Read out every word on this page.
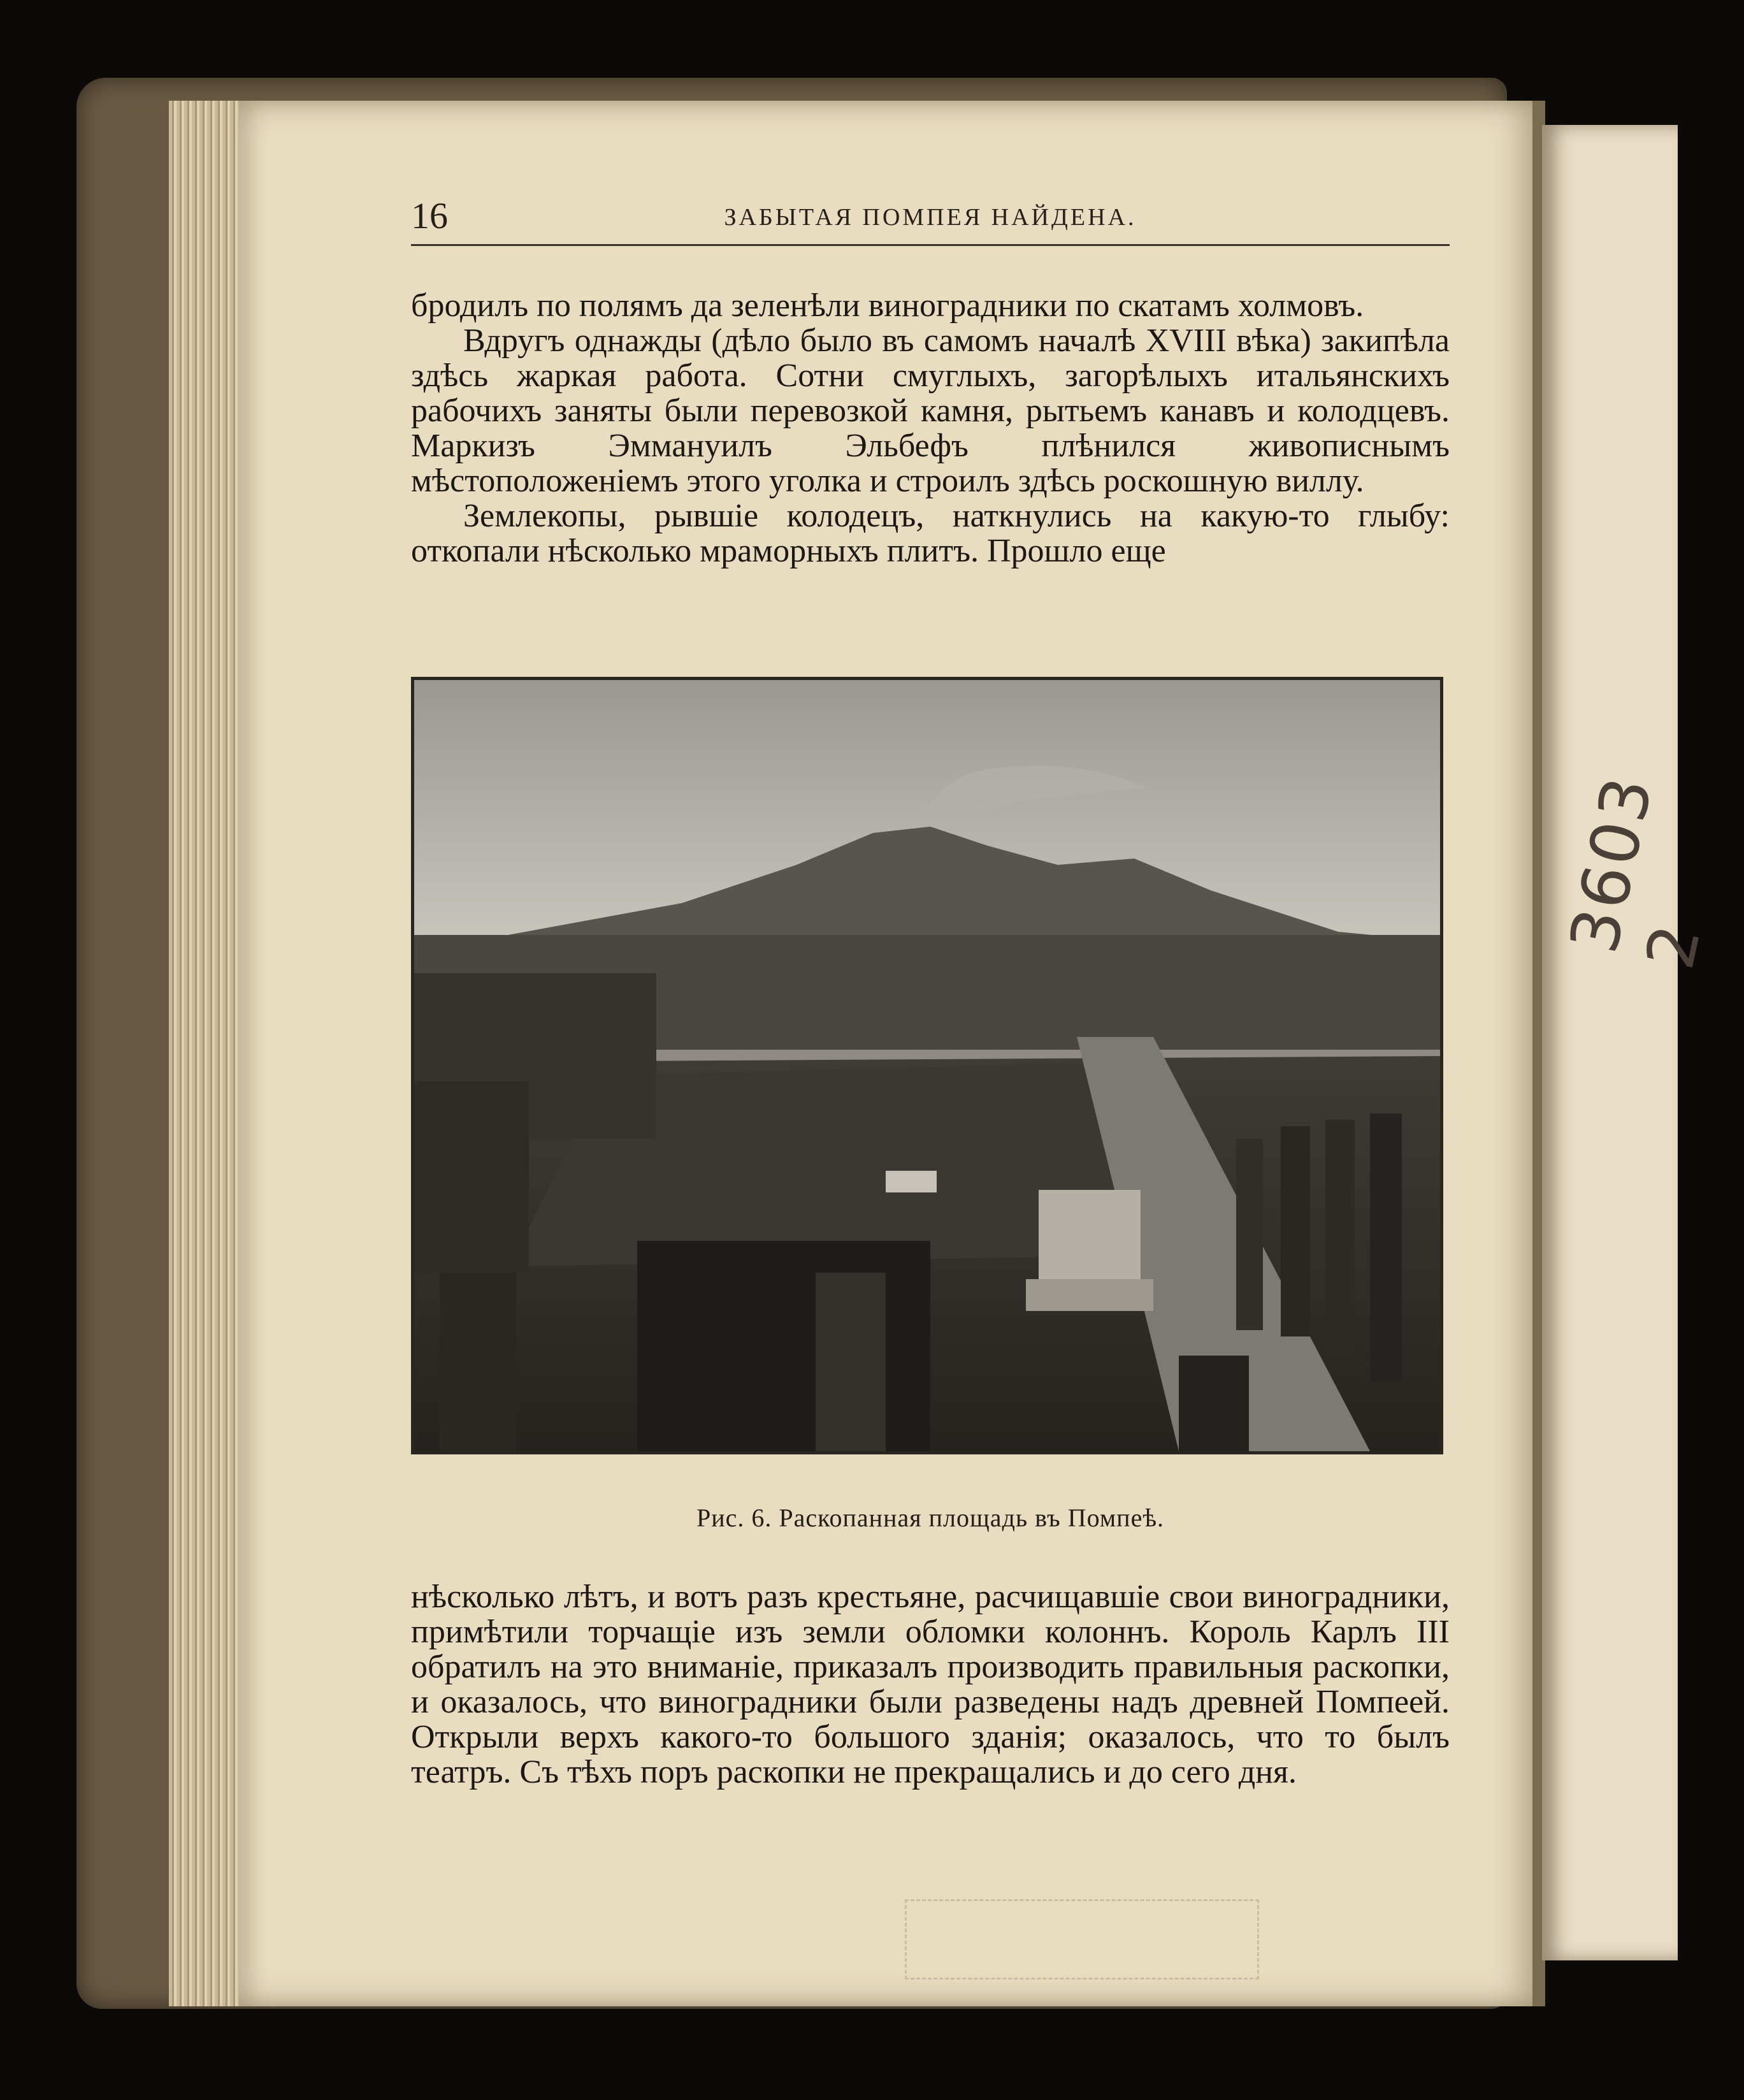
16	ЗАБЫТАЯ ПОМПЕЯ НАЙДЕНА.

бродилъ по полямъ да зеленѣли виноградники по скатамъ холмовъ.

Вдругъ однажды (дѣло было въ самомъ началѣ XVIII вѣка) закипѣла здѣсь жаркая работа. Сотни смуглыхъ, загорѣлыхъ итальянскихъ рабочихъ заняты были перевозкой камня, рытьемъ канавъ и колодцевъ. Маркизъ Эммануилъ Эльбефъ плѣнился живописнымъ мѣстоположеніемъ этого уголка и строилъ здѣсь роскошную виллу.

Землекопы, рывшіе колодецъ, наткнулись на какую-то глыбу: откопали нѣсколько мраморныхъ плитъ. Прошло еще

Рис. 6. Раскопанная площадь въ Помпеѣ.

нѣсколько лѣтъ, и вотъ разъ крестьяне, расчищавшіе свои виноградники, примѣтили торчащіе изъ земли обломки колоннъ. Король Карлъ III обратилъ на это вниманіе, приказалъ производить правильныя раскопки, и оказалось, что виноградники были разведены надъ древней Помпеей. Открыли верхъ какого-то большого зданія; оказалось, что то былъ театръ. Съ тѣхъ поръ раскопки не прекращались и до сего дня.

3603 2
